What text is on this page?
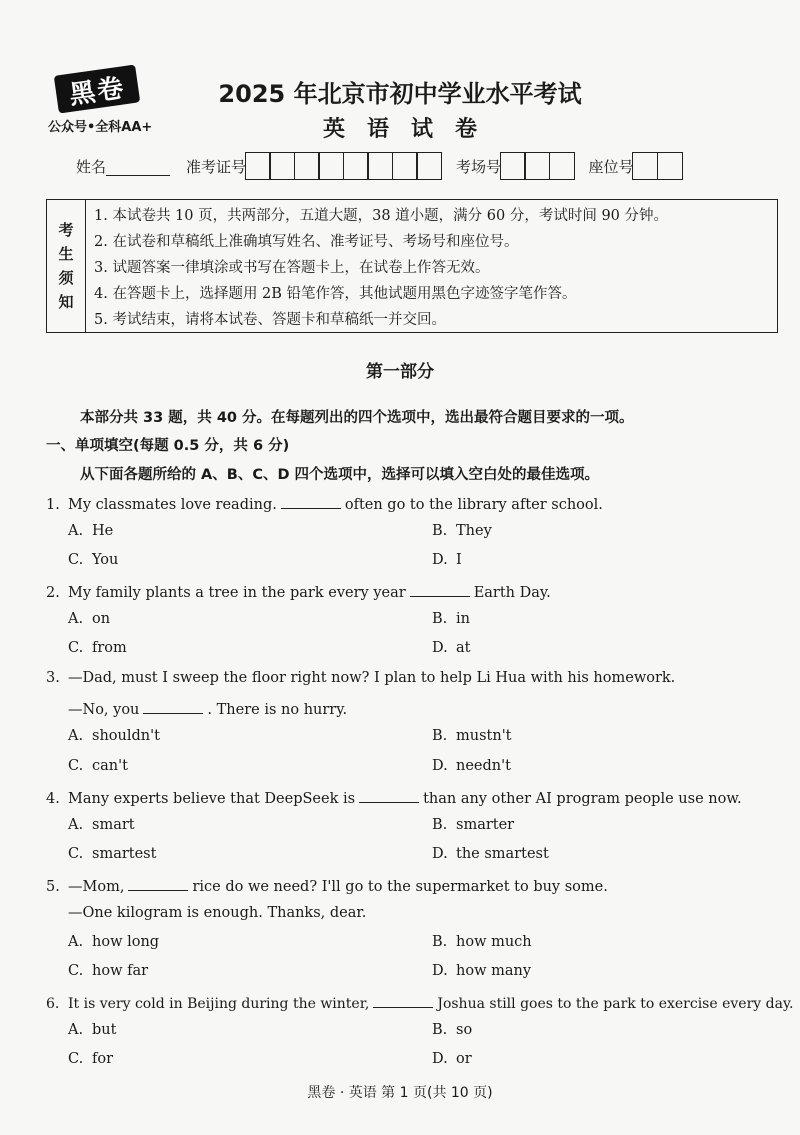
黑卷
公众号•全科AA+
2025 年北京市初中学业水平考试
英语试卷
姓名	准考证号	考场号	座位号
考
生
须
知
1. 本试卷共 10 页，共两部分，五道大题，38 道小题，满分 60 分，考试时间 90 分钟。
2. 在试卷和草稿纸上准确填写姓名、准考证号、考场号和座位号。
3. 试题答案一律填涂或书写在答题卡上，在试卷上作答无效。
4. 在答题卡上，选择题用 2B 铅笔作答，其他试题用黑色字迹签字笔作答。
5. 考试结束，请将本试卷、答题卡和草稿纸一并交回。
第一部分
本部分共 33 题，共 40 分。在每题列出的四个选项中，选出最符合题目要求的一项。
一、单项填空(每题 0.5 分，共 6 分)
从下面各题所给的 A、B、C、D 四个选项中，选择可以填入空白处的最佳选项。
1. My classmates love reading.	often go to the library after school.
A. He	B. They
C. You	D. I
2. My family plants a tree in the park every year	Earth Day.
A. on	B. in
C. from	D. at
3. —Dad, must I sweep the floor right now? I plan to help Li Hua with his homework.
—No, you	. There is no hurry.
A. shouldn't	B. mustn't
C. can't	D. needn't
4. Many experts believe that DeepSeek is	than any other AI program people use now.
A. smart	B. smarter
C. smartest	D. the smartest
5. —Mom,	rice do we need? I'll go to the supermarket to buy some.
—One kilogram is enough. Thanks, dear.
A. how long	B. how much
C. how far	D. how many
6. It is very cold in Beijing during the winter,	Joshua still goes to the park to exercise every day.
A. but	B. so
C. for	D. or
黑卷 · 英语 第 1 页(共 10 页)
